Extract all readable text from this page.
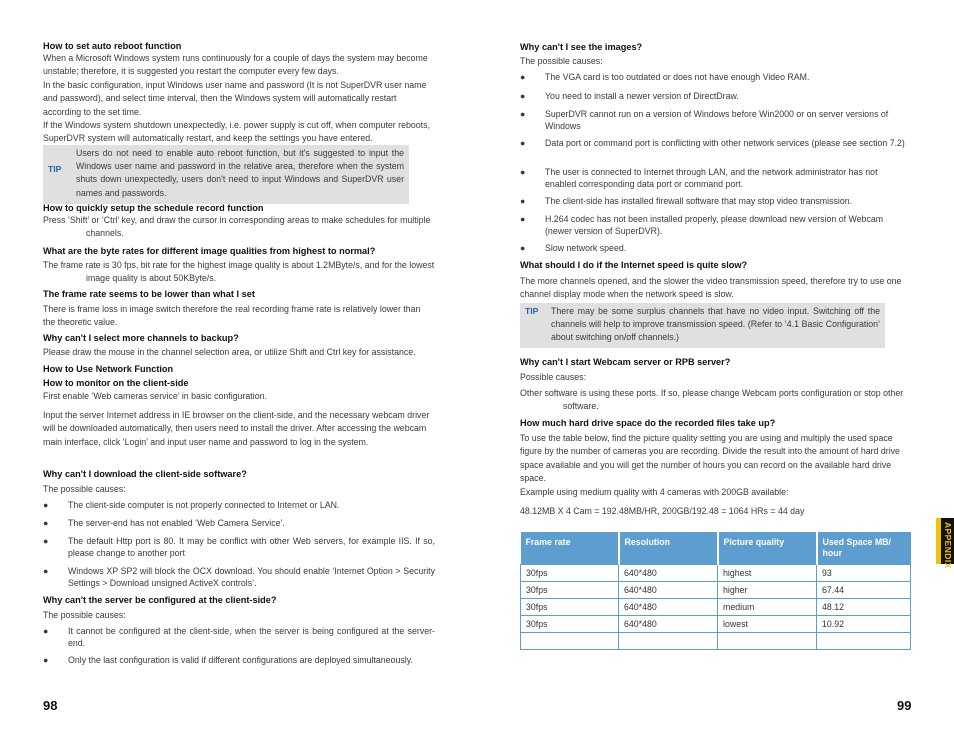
How to set auto reboot function

When a Microsoft Windows system runs continuously for a couple of days the system may become unstable; therefore, it is suggested you restart the computer every few days.

In the basic configuration, input Windows user name and password (It is not SuperDVR user name and password), and select time interval, then the Windows system will automatically restart according to the set time.

If the Windows system shutdown unexpectedly, i.e. power supply is cut off, when computer reboots, SuperDVR system will automatically restart, and keep the settings you have entered.

TIP
Users do not need to enable auto reboot function, but it's suggested to input the Windows user name and password in the relative area, therefore when the system shuts down unexpectedly, users don't need to input Windows and SuperDVR user names and passwords.

How to quickly setup the schedule record function

Press ‘Shift’ or ‘Ctrl’ key, and draw the cursor in corresponding areas to make schedules for multiple channels.

What are the byte rates for different image qualities from highest to normal?

The frame rate is 30 fps, bit rate for the highest image quality is about 1.2MByte/s, and for the lowest image quality is about 50KByte/s.

The frame rate seems to be lower than what I set

There is frame loss in image switch therefore the real recording frame rate is relatively lower than the theoretic value.

Why can't I select more channels to backup?

Please draw the mouse in the channel selection area, or utilize Shift and Ctrl key for assistance.

How to Use Network Function

How to monitor on the client-side

First enable ‘Web cameras service’ in basic configuration.

Input the server Internet address in IE browser on the client-side, and the necessary webcam driver will be downloaded automatically, then users need to install the driver. After accessing the webcam main interface, click ‘Login’ and input user name and password to log in the system.

Why can't I download the client-side software?

The possible causes:

●	The client-side computer is not properly connected to Internet or LAN.
●	The server-end has not enabled ‘Web Camera Service’.
●	The default Http port is 80. It may be conflict with other Web servers, for example IIS. If so, please change to another port
●	Windows XP SP2 will block the OCX download. You should enable ‘Internet Option > Security Settings > Download unsigned ActiveX controls’.

Why can't the server be configured at the client-side?

The possible causes:

●	It cannot be configured at the client-side, when the server is being configured at the server-end.
●	Only the last configuration is valid if different configurations are deployed simultaneously.
98

Why can't I see the images?

The possible causes:

●	The VGA card is too outdated or does not have enough Video RAM.
●	You need to install a newer version of DirectDraw.
●	SuperDVR cannot run on a version of Windows before Win2000 or on server versions of Windows
●	Data port or command port is conflicting with other network services (please see section 7.2)
●	The user is connected to Internet through LAN, and the network administrator has not enabled corresponding data port or command port.
●	The client-side has installed firewall software that may stop video transmission.
●	H.264 codec has not been installed properly, please download new version of Webcam (newer version of SuperDVR).
●	Slow network speed.

What should I do if the Internet speed is quite slow?

The more channels opened, and the slower the video transmission speed, therefore try to use one channel display mode when the network speed is slow.

TIP	There may be some surplus channels that have no video input. Switching off the channels will help to improve transmission speed. (Refer to ‘4.1 Basic Configuration’ about switching on/off channels.)

Why can't I start Webcam server or RPB server?

Possible causes:

Other software is using these ports. If so, please change Webcam ports configuration or stop other software.

How much hard drive space do the recorded files take up?

To use the table below, find the picture quality setting you are using and multiply the used space figure by the number of cameras you are recording. Divide the result into the amount of hard drive space available and you will get the number of hours you can record on the available hard drive space.

Example using medium quality with 4 cameras with 200GB available:

48.12MB X 4 Cam = 192.48MB/HR, 200GB/192.48 = 1064 HRs = 44 day

Frame rate	Resolution	Picture quality	Used Space MB/ hour
30fps	640*480	highest	93
30fps	640*480	higher	67.44
30fps	640*480	medium	48.12
30fps	640*480	lowest	10.92

APPENDIX
99
